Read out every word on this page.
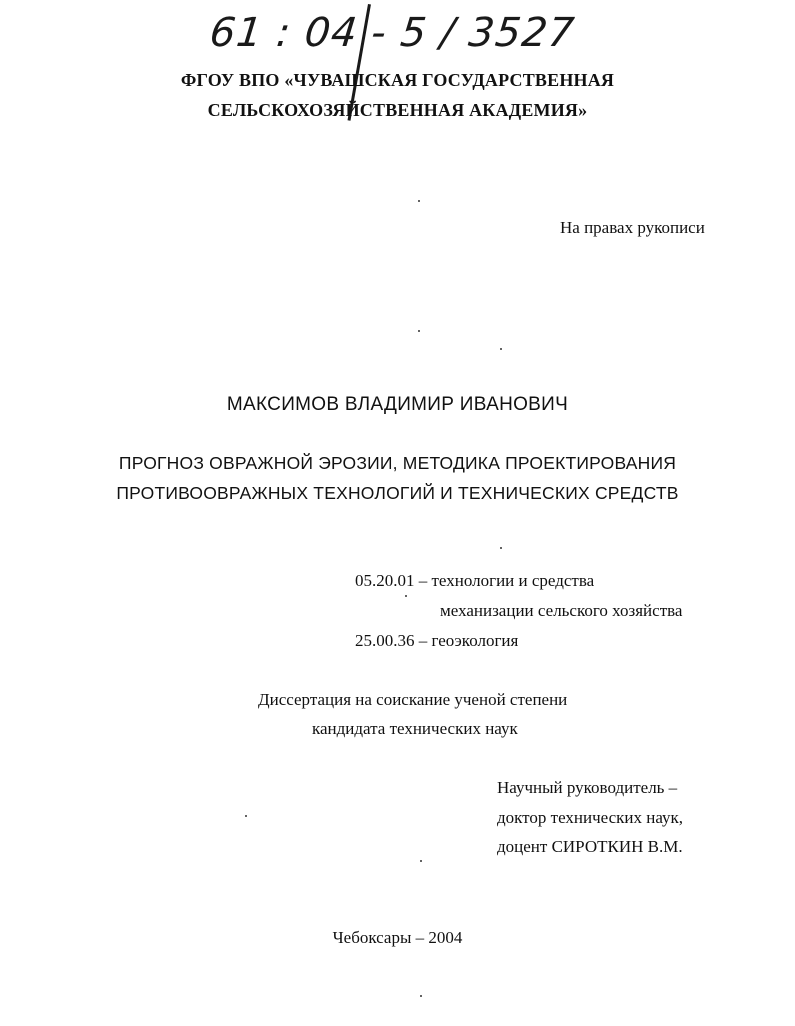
61 : 04 - 5 / 3527

ФГОУ ВПО «ЧУВАШСКАЯ ГОСУДАРСТВЕННАЯ

СЕЛЬСКОХОЗЯЙСТВЕННАЯ АКАДЕМИЯ»

На правах рукописи

МАКСИМОВ ВЛАДИМИР ИВАНОВИЧ

ПРОГНОЗ ОВРАЖНОЙ ЭРОЗИИ, МЕТОДИКА ПРОЕКТИРОВАНИЯ

ПРОТИВООВРАЖНЫХ ТЕХНОЛОГИЙ И ТЕХНИЧЕСКИХ СРЕДСТВ

05.20.01 – технологии и средства

механизации сельского хозяйства

25.00.36 – геоэкология

Диссертация на соискание ученой степени

кандидата технических наук

Научный руководитель –

доктор технических наук,

доцент СИРОТКИН В.М.

Чебоксары – 2004
